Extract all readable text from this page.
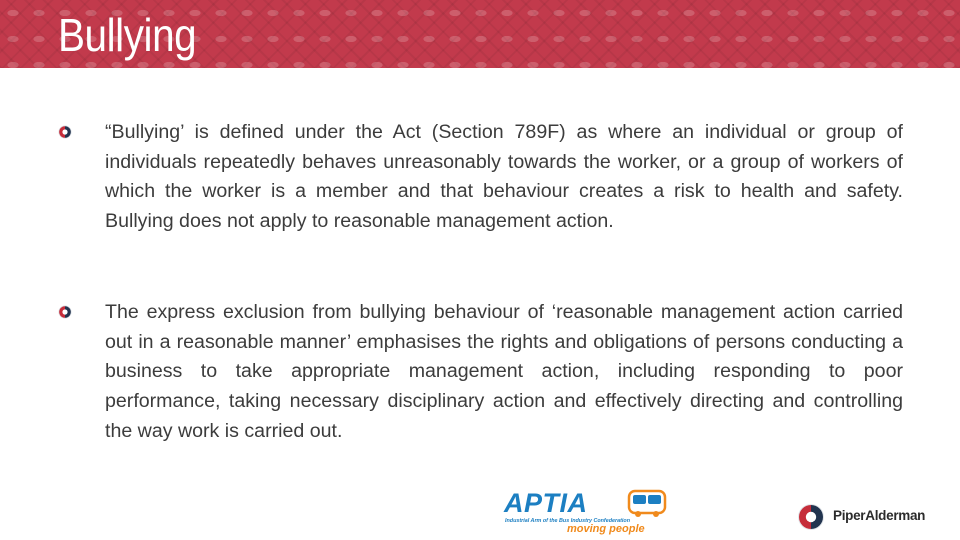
Bullying

“Bullying’ is defined under the Act (Section 789F) as where an individual or group of individuals repeatedly behaves unreasonably towards the worker, or a group of workers of which the worker is a member and that behaviour creates a risk to health and safety. Bullying does not apply to reasonable management action.

The express exclusion from bullying behaviour of ‘reasonable management action carried out in a reasonable manner’ emphasises the rights and obligations of persons conducting a business to take appropriate management action, including responding to poor performance, taking necessary disciplinary action and effectively directing and controlling the way work is carried out.

APTIA
Industrial Arm of the Bus Industry Confederation
moving people
PiperAlderman
